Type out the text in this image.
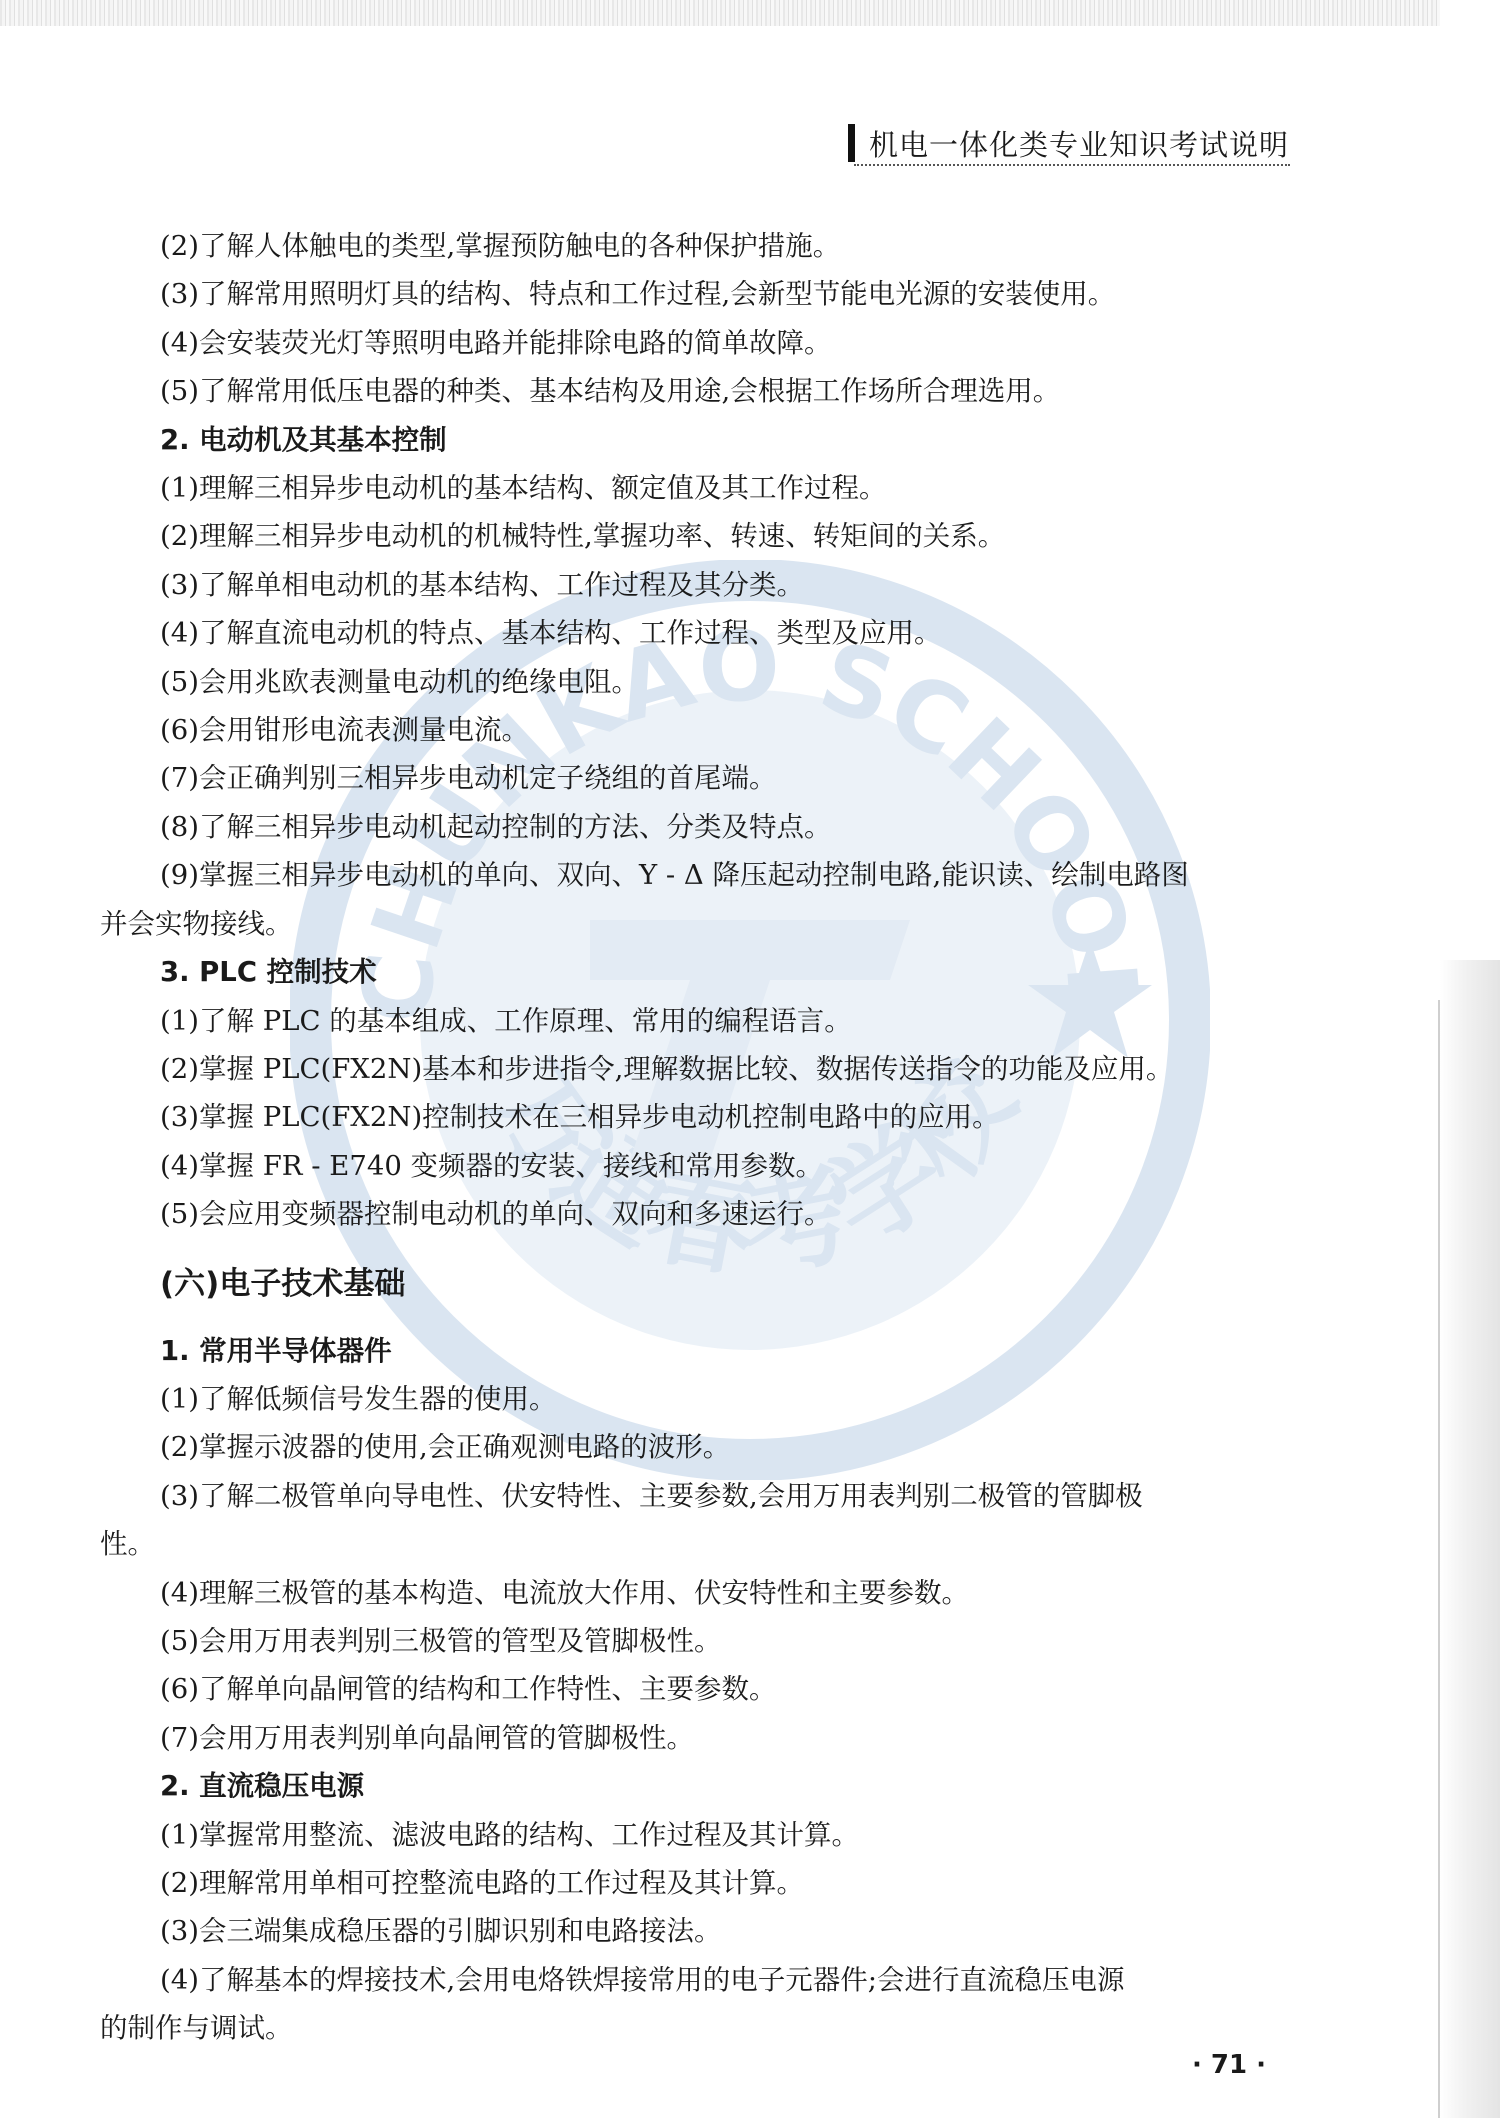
CHUNKAO SCHOOL
万通春考学校
机电一体化类专业知识考试说明
(2)了解人体触电的类型,掌握预防触电的各种保护措施。
(3)了解常用照明灯具的结构、特点和工作过程,会新型节能电光源的安装使用。
(4)会安装荧光灯等照明电路并能排除电路的简单故障。
(5)了解常用低压电器的种类、基本结构及用途,会根据工作场所合理选用。
2. 电动机及其基本控制
(1)理解三相异步电动机的基本结构、额定值及其工作过程。
(2)理解三相异步电动机的机械特性,掌握功率、转速、转矩间的关系。
(3)了解单相电动机的基本结构、工作过程及其分类。
(4)了解直流电动机的特点、基本结构、工作过程、类型及应用。
(5)会用兆欧表测量电动机的绝缘电阻。
(6)会用钳形电流表测量电流。
(7)会正确判别三相异步电动机定子绕组的首尾端。
(8)了解三相异步电动机起动控制的方法、分类及特点。
(9)掌握三相异步电动机的单向、双向、Y - Δ 降压起动控制电路,能识读、绘制电路图
并会实物接线。
3. PLC 控制技术
(1)了解 PLC 的基本组成、工作原理、常用的编程语言。
(2)掌握 PLC(FX2N)基本和步进指令,理解数据比较、数据传送指令的功能及应用。
(3)掌握 PLC(FX2N)控制技术在三相异步电动机控制电路中的应用。
(4)掌握 FR - E740 变频器的安装、接线和常用参数。
(5)会应用变频器控制电动机的单向、双向和多速运行。
(六)电子技术基础
1. 常用半导体器件
(1)了解低频信号发生器的使用。
(2)掌握示波器的使用,会正确观测电路的波形。
(3)了解二极管单向导电性、伏安特性、主要参数,会用万用表判别二极管的管脚极
性。
(4)理解三极管的基本构造、电流放大作用、伏安特性和主要参数。
(5)会用万用表判别三极管的管型及管脚极性。
(6)了解单向晶闸管的结构和工作特性、主要参数。
(7)会用万用表判别单向晶闸管的管脚极性。
2. 直流稳压电源
(1)掌握常用整流、滤波电路的结构、工作过程及其计算。
(2)理解常用单相可控整流电路的工作过程及其计算。
(3)会三端集成稳压器的引脚识别和电路接法。
(4)了解基本的焊接技术,会用电烙铁焊接常用的电子元器件;会进行直流稳压电源
的制作与调试。
· 71 ·
